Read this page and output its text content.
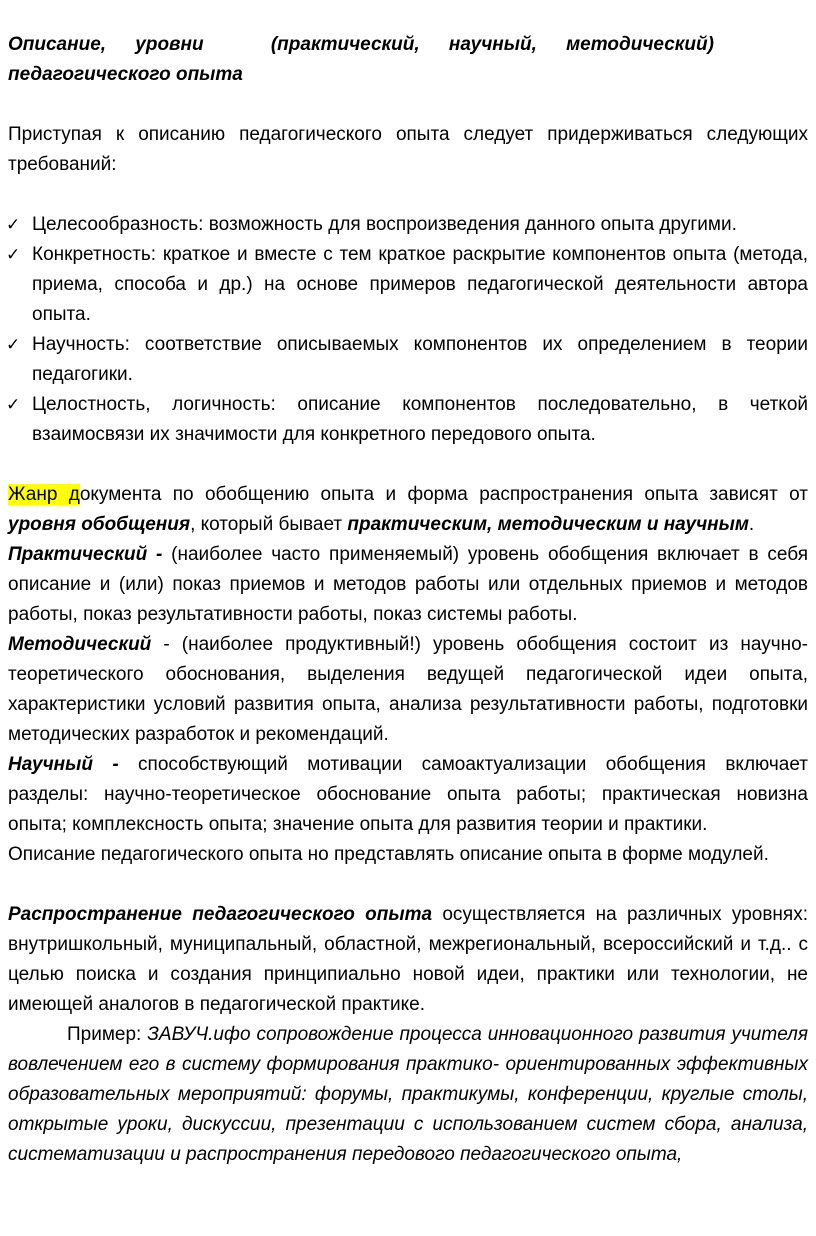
Описание, уровни	(практический, научный, методический)
педагогического опыта

Приступая к описанию педагогического опыта следует придерживаться следующих требований:

✓ Целесообразность: возможность для воспроизведения данного опыта другими.
✓ Конкретность: краткое и вместе с тем краткое раскрытие компонентов опыта (метода, приема, способа и др.) на основе примеров педагогической деятельности автора опыта.
✓ Научность: соответствие описываемых компонентов их определением в теории педагогики.
✓ Целостность, логичность: описание компонентов последовательно, в четкой взаимосвязи их значимости для конкретного передового опыта.

Жанр документа по обобщению опыта и форма распространения опыта зависят от уровня обобщения, который бывает практическим, методическим и научным.

Практический - (наиболее часто применяемый) уровень обобщения включает в себя описание и (или) показ приемов и методов работы или отдельных приемов и методов работы, показ результативности работы, показ системы работы.

Методический - (наиболее продуктивный!) уровень обобщения состоит из научно-теоретического обоснования, выделения ведущей педагогической идеи опыта, характеристики условий развития опыта, анализа результативности работы, подготовки методических разработок и рекомендаций.

Научный - способствующий мотивации самоактуализации обобщения включает разделы: научно-теоретическое обоснование опыта работы; практическая новизна опыта; комплексность опыта; значение опыта для развития теории и практики.

Описание педагогического опыта но представлять описание опыта в форме модулей.

Распространение педагогического опыта осуществляется на различных уровнях: внутришкольный, муниципальный, областной, межрегиональный, всероссийский и т.д.. с целью поиска и создания принципиально новой идеи, практики или технологии, не имеющей аналогов в педагогической практике.

Пример: ЗАВУЧ.ифо сопровождение процесса инновационного развития учителя вовлечением его в систему формирования практико- ориентированных эффективных образовательных мероприятий: форумы, практикумы, конференции, круглые столы, открытые уроки, дискуссии, презентации с использованием систем сбора, анализа, систематизации и распространения передового педагогического опыта,
